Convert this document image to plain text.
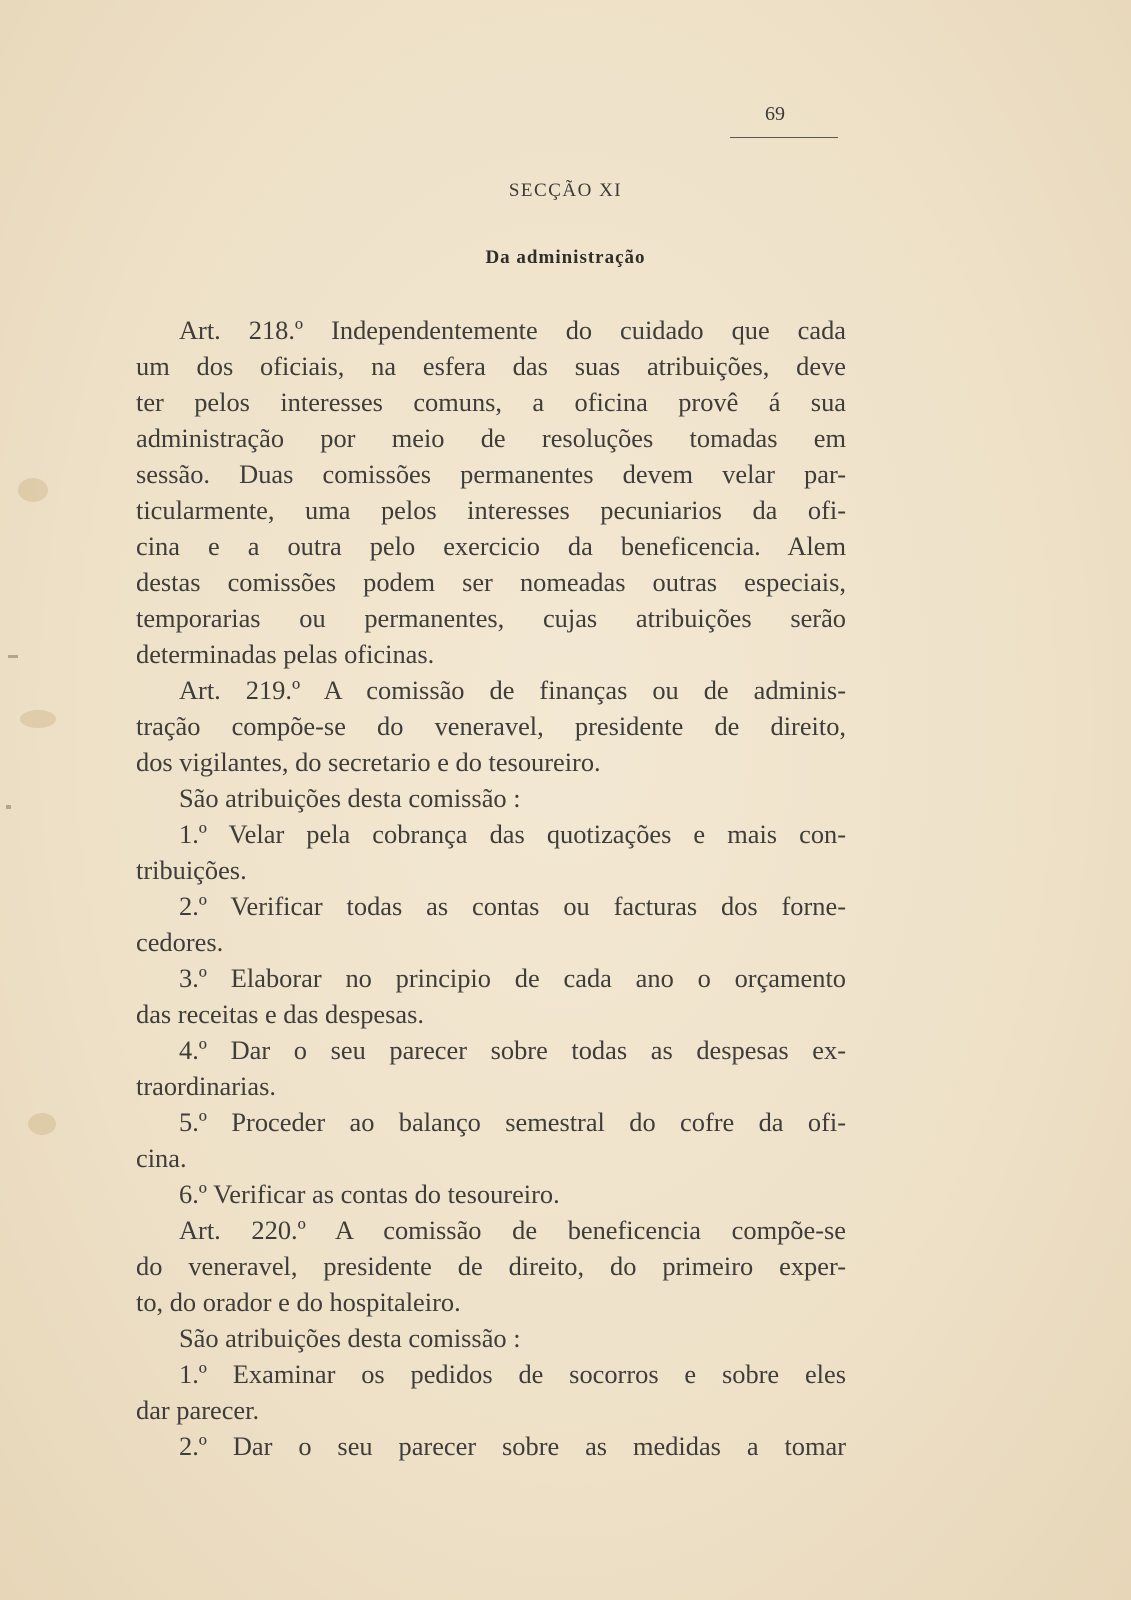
69
SECÇÃO XI
Da administração
Art. 218.º Independentemente do cuidado que cada
um dos oficiais, na esfera das suas atribuições, deve
ter pelos interesses comuns, a oficina provê á sua
administração por meio de resoluções tomadas em
sessão. Duas comissões permanentes devem velar par-
ticularmente, uma pelos interesses pecuniarios da ofi-
cina e a outra pelo exercicio da beneficencia. Alem
destas comissões podem ser nomeadas outras especiais,
temporarias ou permanentes, cujas atribuições serão
determinadas pelas oficinas.
Art. 219.º A comissão de finanças ou de adminis-
tração compõe-se do veneravel, presidente de direito,
dos vigilantes, do secretario e do tesoureiro.
São atribuições desta comissão :
1.º Velar pela cobrança das quotizações e mais con-
tribuições.
2.º Verificar todas as contas ou facturas dos forne-
cedores.
3.º Elaborar no principio de cada ano o orçamento
das receitas e das despesas.
4.º Dar o seu parecer sobre todas as despesas ex-
traordinarias.
5.º Proceder ao balanço semestral do cofre da ofi-
cina.
6.º Verificar as contas do tesoureiro.
Art. 220.º A comissão de beneficencia compõe-se
do veneravel, presidente de direito, do primeiro exper-
to, do orador e do hospitaleiro.
São atribuições desta comissão :
1.º Examinar os pedidos de socorros e sobre eles
dar parecer.
2.º Dar o seu parecer sobre as medidas a tomar
